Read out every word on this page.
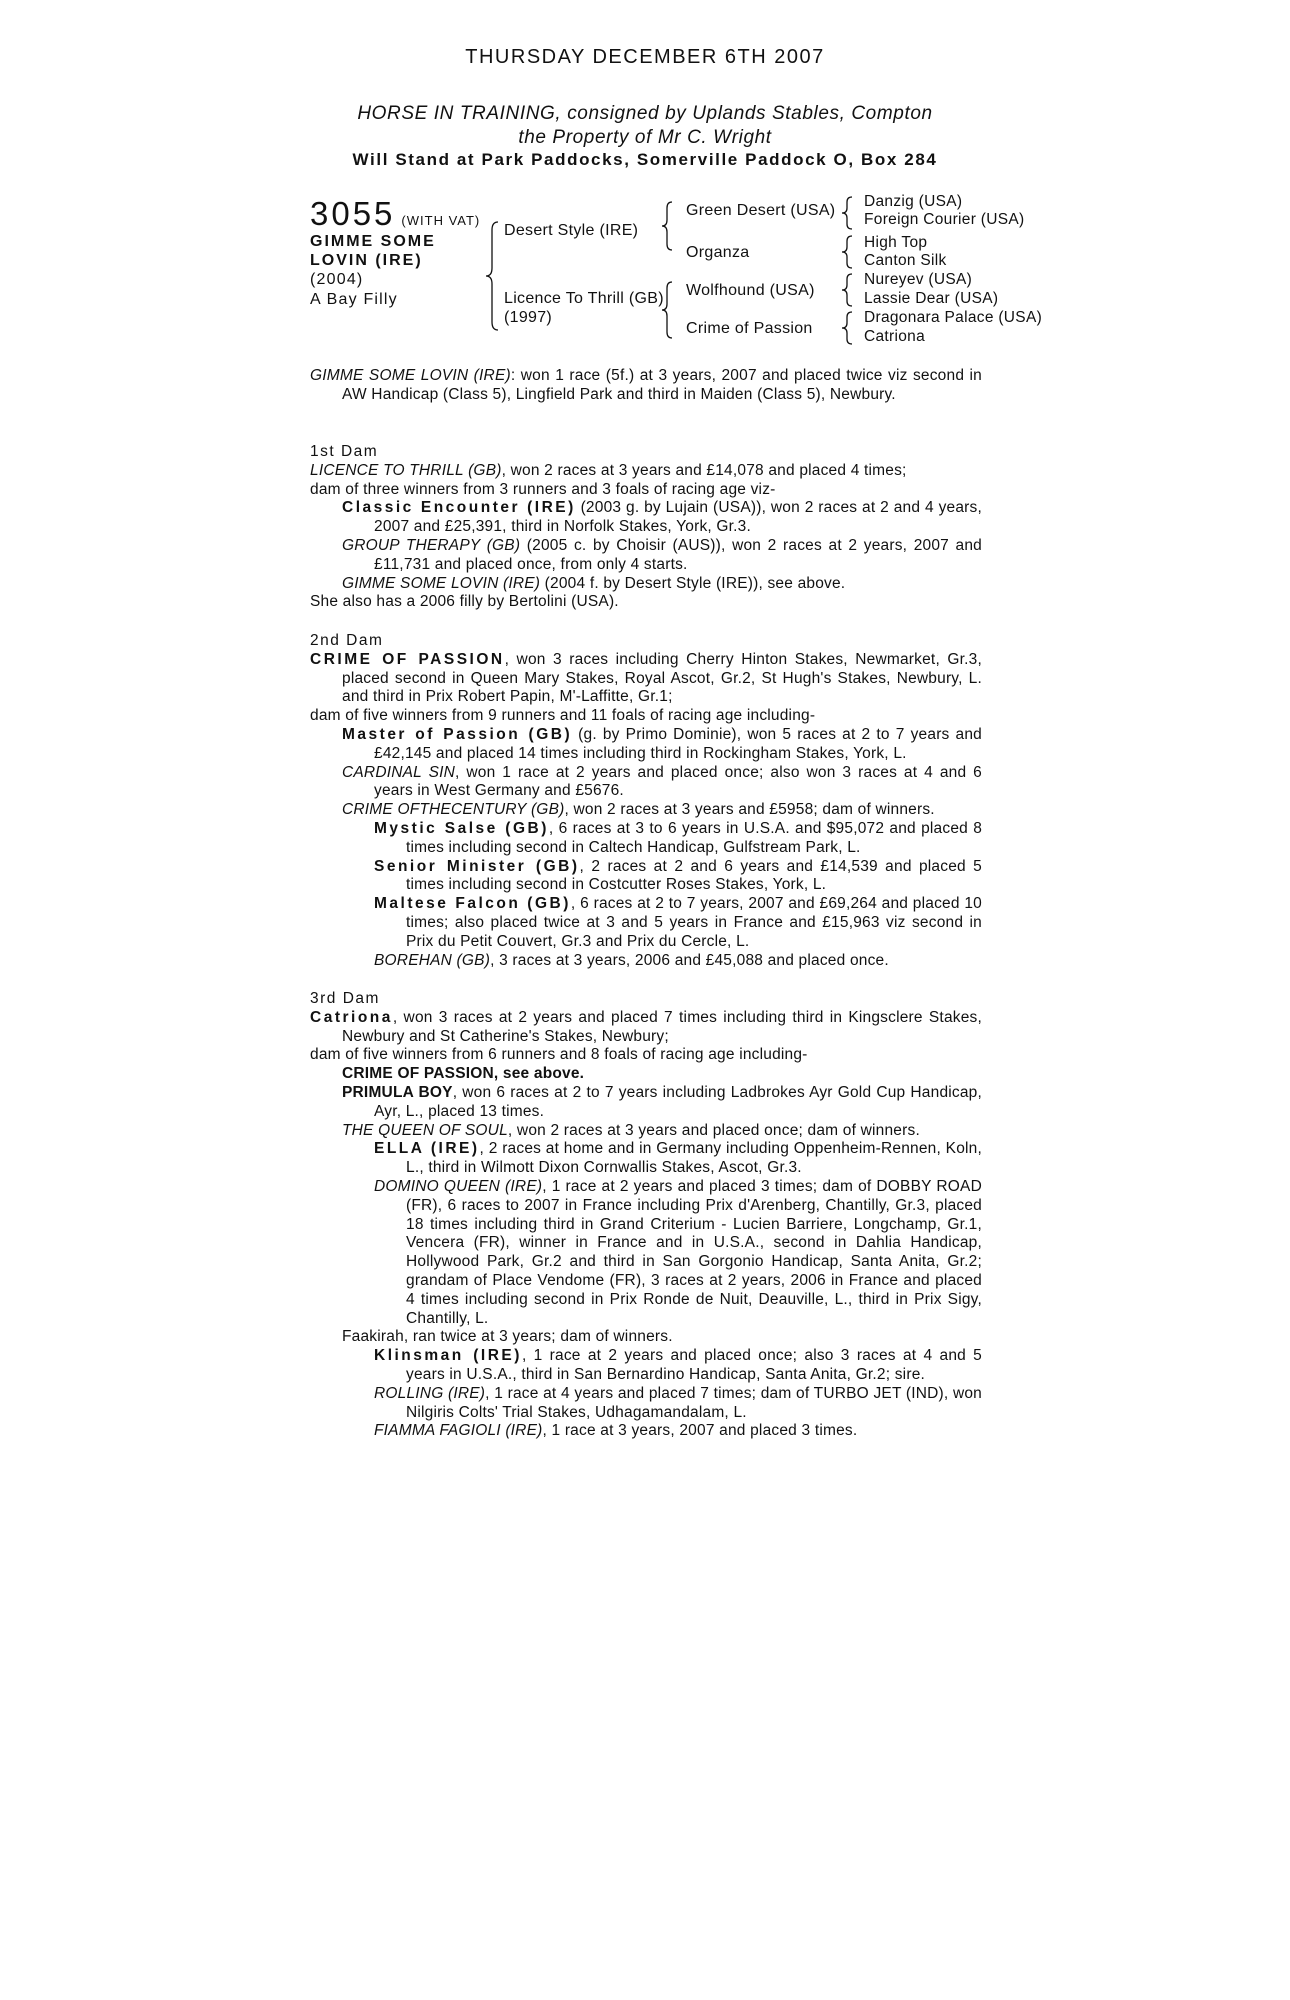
THURSDAY DECEMBER 6TH 2007
HORSE IN TRAINING, consigned by Uplands Stables, Compton
the Property of Mr C. Wright
Will Stand at Park Paddocks, Somerville Paddock O, Box 284
3055 (WITH VAT)
GIMME SOME
LOVIN (IRE)
(2004)
A Bay Filly
Desert Style (IRE)
Licence To Thrill (GB)
(1997)
Green Desert (USA)
Organza
Wolfhound (USA)
Crime of Passion
Danzig (USA)
Foreign Courier (USA)
High Top
Canton Silk
Nureyev (USA)
Lassie Dear (USA)
Dragonara Palace (USA)
Catriona

GIMME SOME LOVIN (IRE): won 1 race (5f.) at 3 years, 2007 and placed twice viz second in AW Handicap (Class 5), Lingfield Park and third in Maiden (Class 5), Newbury.

1st Dam

LICENCE TO THRILL (GB), won 2 races at 3 years and £14,078 and placed 4 times;

dam of three winners from 3 runners and 3 foals of racing age viz-

Classic Encounter (IRE) (2003 g. by Lujain (USA)), won 2 races at 2 and 4 years, 2007 and £25,391, third in Norfolk Stakes, York, Gr.3.

GROUP THERAPY (GB) (2005 c. by Choisir (AUS)), won 2 races at 2 years, 2007 and £11,731 and placed once, from only 4 starts.

GIMME SOME LOVIN (IRE) (2004 f. by Desert Style (IRE)), see above.

She also has a 2006 filly by Bertolini (USA).

2nd Dam

CRIME OF PASSION, won 3 races including Cherry Hinton Stakes, Newmarket, Gr.3, placed second in Queen Mary Stakes, Royal Ascot, Gr.2, St Hugh's Stakes, Newbury, L. and third in Prix Robert Papin, M'-Laffitte, Gr.1;

dam of five winners from 9 runners and 11 foals of racing age including-

Master of Passion (GB) (g. by Primo Dominie), won 5 races at 2 to 7 years and £42,145 and placed 14 times including third in Rockingham Stakes, York, L.

CARDINAL SIN, won 1 race at 2 years and placed once; also won 3 races at 4 and 6 years in West Germany and £5676.

CRIME OFTHECENTURY (GB), won 2 races at 3 years and £5958; dam of winners.

Mystic Salse (GB), 6 races at 3 to 6 years in U.S.A. and $95,072 and placed 8 times including second in Caltech Handicap, Gulfstream Park, L.

Senior Minister (GB), 2 races at 2 and 6 years and £14,539 and placed 5 times including second in Costcutter Roses Stakes, York, L.

Maltese Falcon (GB), 6 races at 2 to 7 years, 2007 and £69,264 and placed 10 times; also placed twice at 3 and 5 years in France and £15,963 viz second in Prix du Petit Couvert, Gr.3 and Prix du Cercle, L.

BOREHAN (GB), 3 races at 3 years, 2006 and £45,088 and placed once.

3rd Dam

Catriona, won 3 races at 2 years and placed 7 times including third in Kingsclere Stakes, Newbury and St Catherine's Stakes, Newbury;

dam of five winners from 6 runners and 8 foals of racing age including-

CRIME OF PASSION, see above.

PRIMULA BOY, won 6 races at 2 to 7 years including Ladbrokes Ayr Gold Cup Handicap, Ayr, L., placed 13 times.

THE QUEEN OF SOUL, won 2 races at 3 years and placed once; dam of winners.

ELLA (IRE), 2 races at home and in Germany including Oppenheim-Rennen, Koln, L., third in Wilmott Dixon Cornwallis Stakes, Ascot, Gr.3.

DOMINO QUEEN (IRE), 1 race at 2 years and placed 3 times; dam of DOBBY ROAD (FR), 6 races to 2007 in France including Prix d'Arenberg, Chantilly, Gr.3, placed 18 times including third in Grand Criterium - Lucien Barriere, Longchamp, Gr.1, Vencera (FR), winner in France and in U.S.A., second in Dahlia Handicap, Hollywood Park, Gr.2 and third in San Gorgonio Handicap, Santa Anita, Gr.2; grandam of Place Vendome (FR), 3 races at 2 years, 2006 in France and placed 4 times including second in Prix Ronde de Nuit, Deauville, L., third in Prix Sigy, Chantilly, L.

Faakirah, ran twice at 3 years; dam of winners.

Klinsman (IRE), 1 race at 2 years and placed once; also 3 races at 4 and 5 years in U.S.A., third in San Bernardino Handicap, Santa Anita, Gr.2; sire.

ROLLING (IRE), 1 race at 4 years and placed 7 times; dam of TURBO JET (IND), won Nilgiris Colts' Trial Stakes, Udhagamandalam, L.

FIAMMA FAGIOLI (IRE), 1 race at 3 years, 2007 and placed 3 times.
